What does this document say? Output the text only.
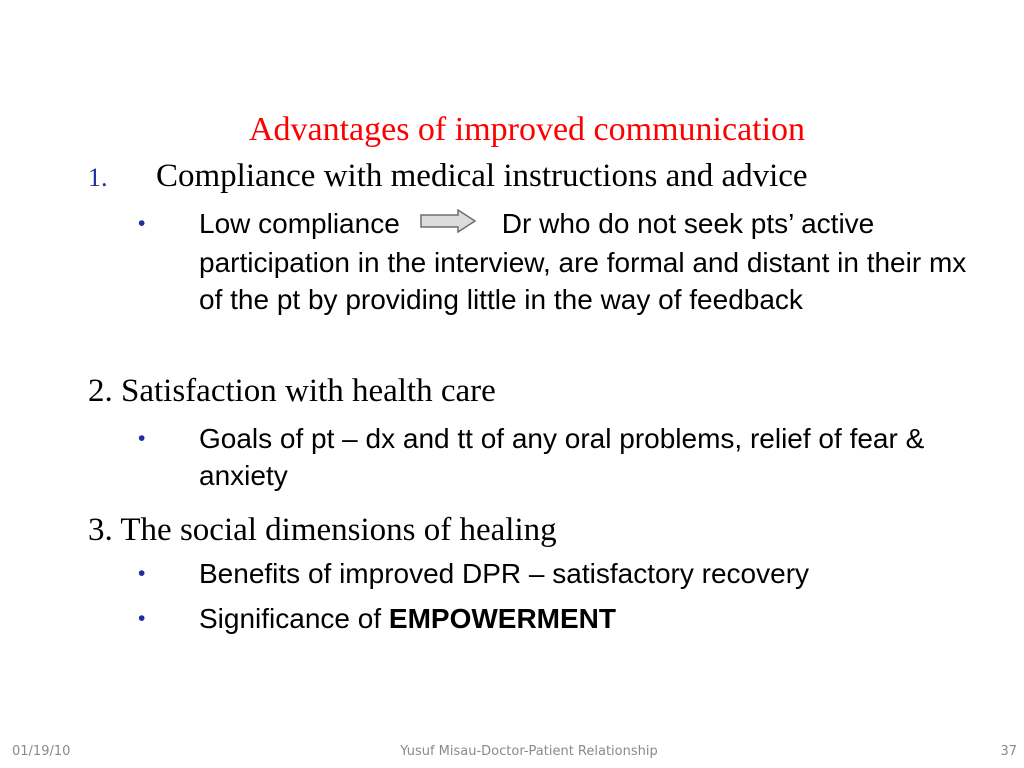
Advantages of improved communication
1. Compliance with medical instructions and advice
• Low compliance	Dr who do not seek pts’ active participation in the interview, are formal and distant in their mx of the pt by providing little in the way of feedback
2. Satisfaction with health care
• Goals of pt – dx and tt of any oral problems, relief of fear & anxiety
3. The social dimensions of healing
• Benefits of improved DPR – satisfactory recovery
• Significance of EMPOWERMENT
01/19/10	Yusuf Misau-Doctor-Patient Relationship	37
